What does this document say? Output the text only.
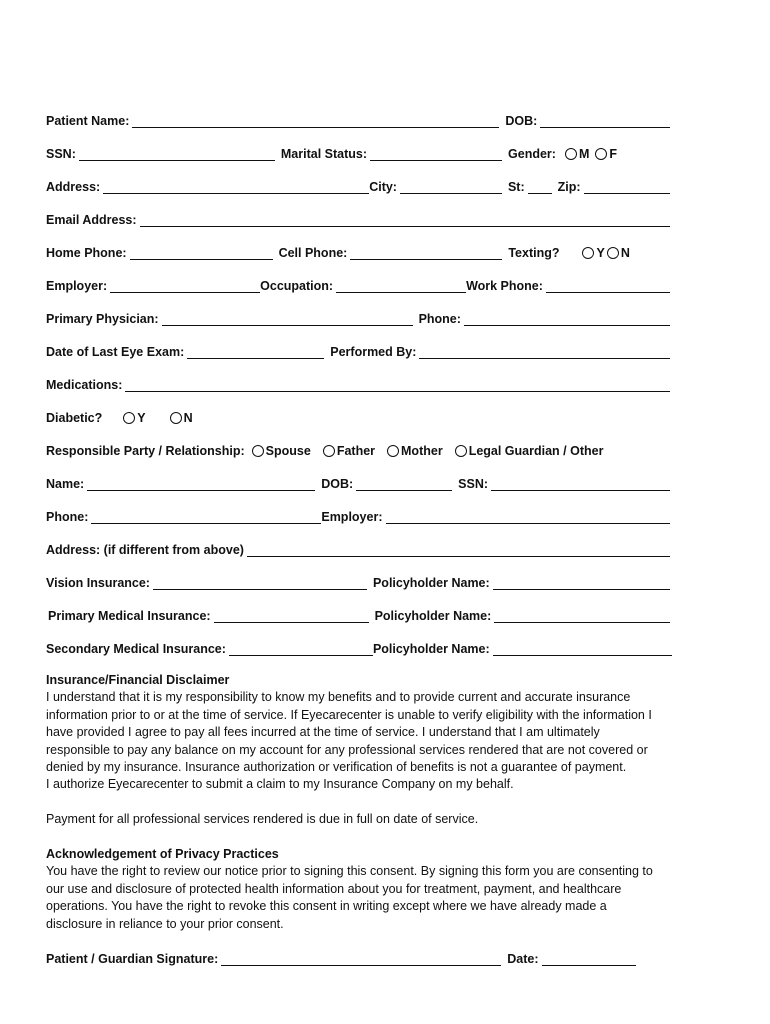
Patient Name:	DOB:
SSN:	Marital Status:	Gender: M F
Address:	City:	St:	Zip:
Email Address:
Home Phone:	Cell Phone:	Texting?	Y N
Employer:	Occupation:	Work Phone:
Primary Physician:	Phone:
Date of Last Eye Exam:	Performed By:
Medications:
Diabetic?	Y	N
Responsible Party / Relationship: Spouse Father Mother Legal Guardian / Other
Name:	DOB:	SSN:
Phone:	Employer:
Address: (if different from above)
Vision Insurance:	Policyholder Name:
Primary Medical Insurance:	Policyholder Name:
Secondary Medical Insurance:	Policyholder Name:
Insurance/Financial Disclaimer
I understand that it is my responsibility to know my benefits and to provide current and accurate insurance
information prior to or at the time of service. If Eyecarecenter is unable to verify eligibility with the information I
have provided I agree to pay all fees incurred at the time of service. I understand that I am ultimately
responsible to pay any balance on my account for any professional services rendered that are not covered or
denied by my insurance. Insurance authorization or verification of benefits is not a guarantee of payment.
I authorize Eyecarecenter to submit a claim to my Insurance Company on my behalf.
Payment for all professional services rendered is due in full on date of service.
Acknowledgement of Privacy Practices
You have the right to review our notice prior to signing this consent. By signing this form you are consenting to
our use and disclosure of protected health information about you for treatment, payment, and healthcare
operations. You have the right to revoke this consent in writing except where we have already made a
disclosure in reliance to your prior consent.
Patient / Guardian Signature:	Date:
